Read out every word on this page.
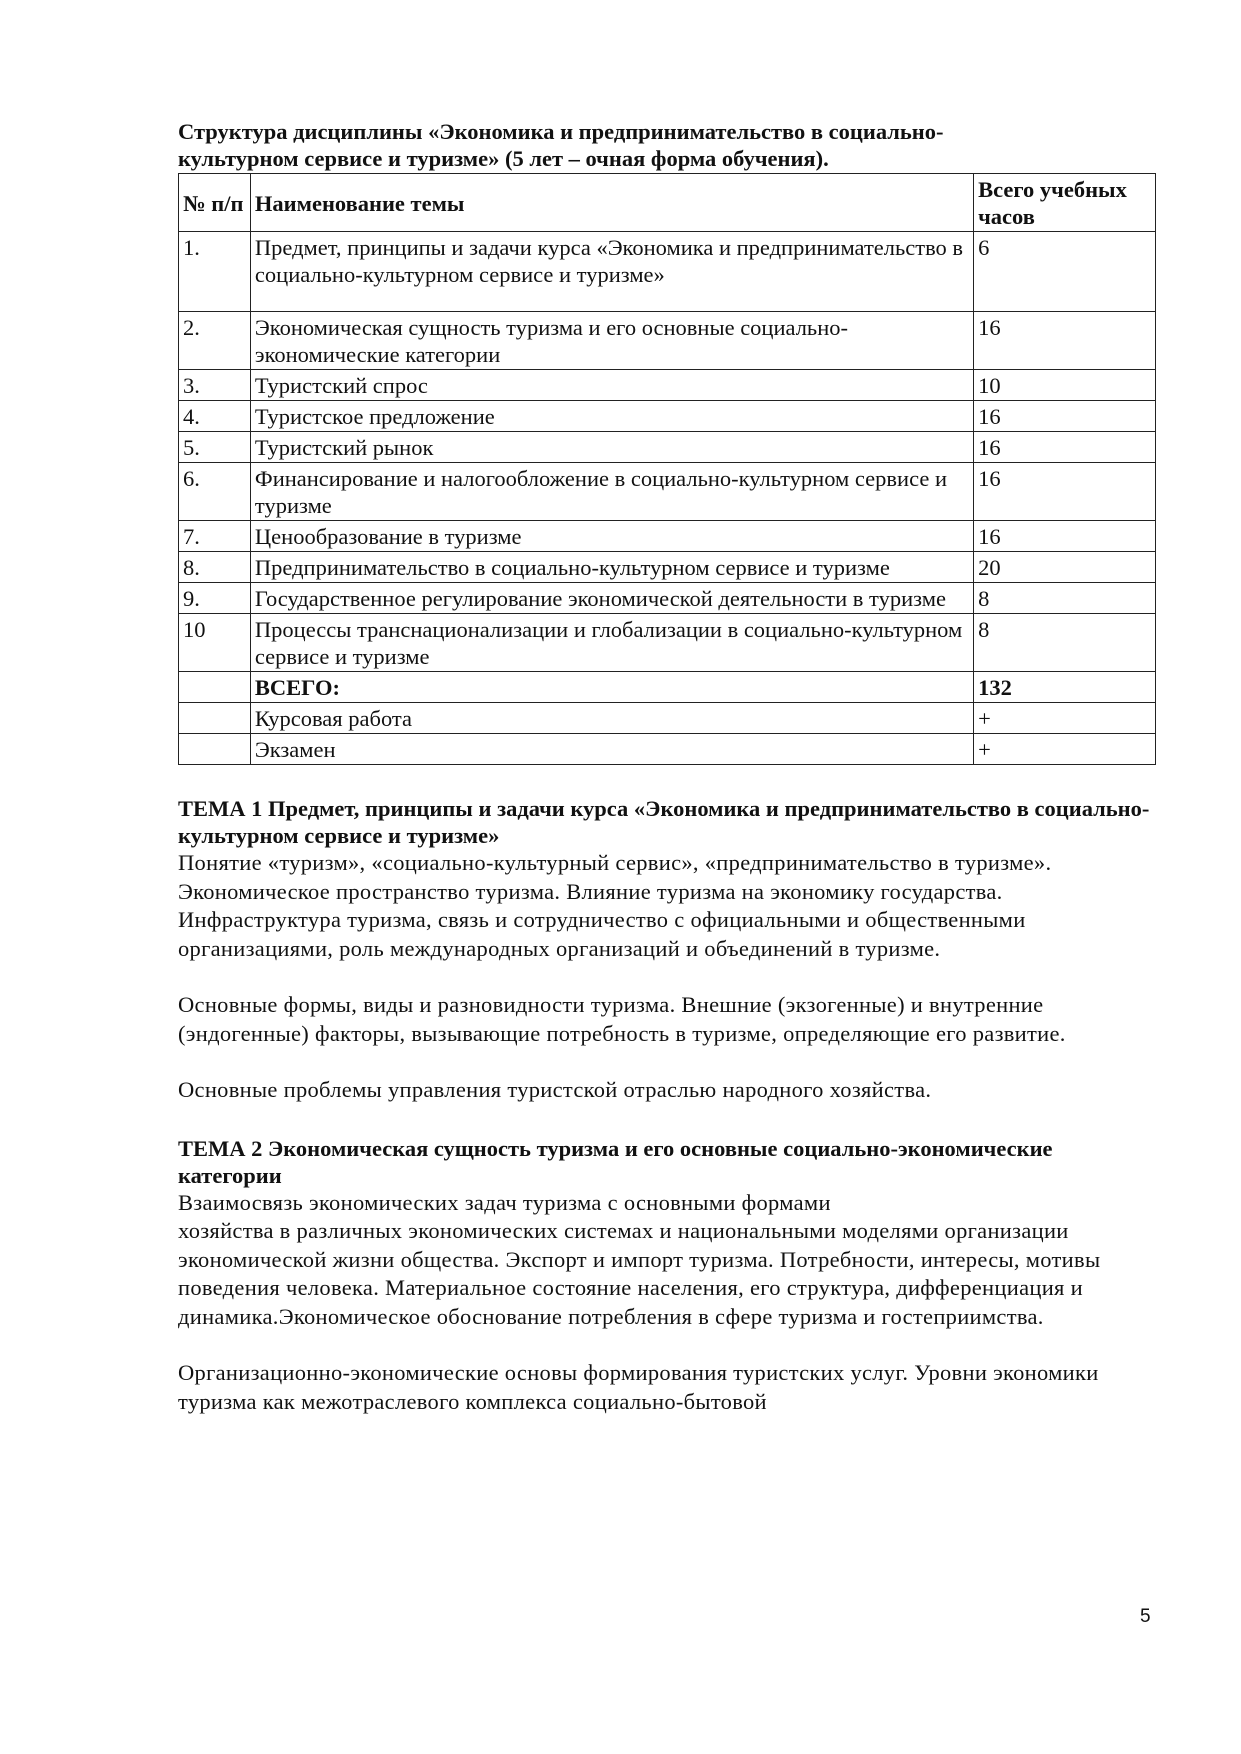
Структура дисциплины «Экономика и предпринимательство в социально-
культурном сервисе и туризме» (5 лет – очная форма обучения).

№ п/п	Наименование темы	Всего учебных часов
1.	Предмет, принципы и задачи курса «Экономика и предпринимательство в социально-культурном сервисе и туризме»	6
2.	Экономическая сущность туризма и его основные социально-экономические категории	16
3.	Туристский спрос	10
4.	Туристское предложение	16
5.	Туристский рынок	16
6.	Финансирование и налогообложение в социально-культурном сервисе и туризме	16
7.	Ценообразование в туризме	16
8.	Предпринимательство в социально-культурном сервисе и туризме	20
9.	Государственное регулирование экономической деятельности в туризме	8
10	Процессы транснационализации и глобализации в социально-культурном сервисе и туризме	8
	ВСЕГО:	132
	Курсовая работа	+
	Экзамен	+

ТЕМА 1 Предмет, принципы и задачи курса «Экономика и предпринимательство в социально-культурном сервисе и туризме»

Понятие «туризм», «социально-культурный сервис», «предпринимательство в туризме». Экономическое пространство туризма. Влияние туризма на экономику государства. Инфраструктура туризма, связь и сотрудничество с официальными и общественными организациями, роль международных организаций и объединений в туризме.

Основные формы, виды и разновидности туризма. Внешние (экзогенные) и внутренние (эндогенные) факторы, вызывающие потребность в туризме, определяющие его развитие.

Основные проблемы управления туристской отраслью народного хозяйства.

ТЕМА 2 Экономическая сущность туризма и его основные социально-экономические категории

Взаимосвязь экономических задач туризма с основными формами
хозяйства в различных экономических системах и национальными моделями организации экономической жизни общества. Экспорт и импорт туризма. Потребности, интересы, мотивы поведения человека. Материальное состояние населения, его структура, дифференциация и динамика.Экономическое обоснование потребления в сфере туризма и гостеприимства.

Организационно-экономические основы формирования туристских услуг. Уровни экономики туризма как межотраслевого комплекса социально-бытовой

5
